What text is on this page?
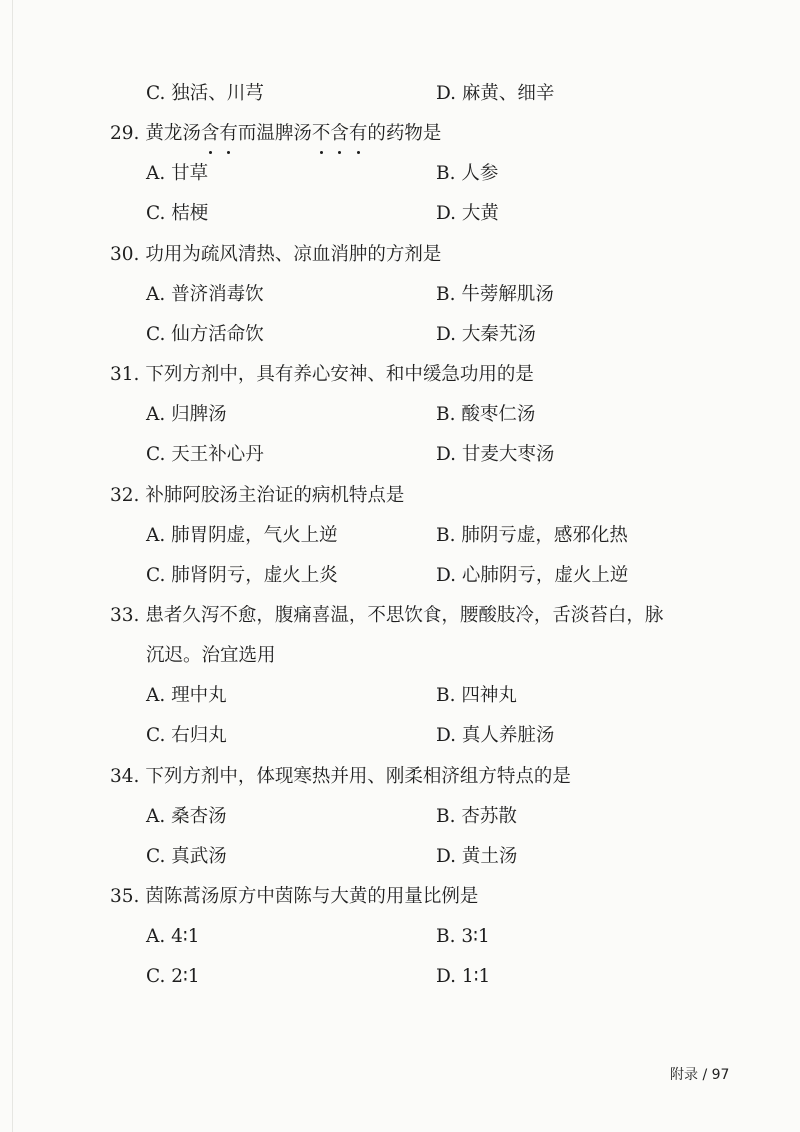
C. 独活、川芎	D. 麻黄、细辛
29. 黄龙汤含有而温脾汤不含有的药物是
A. 甘草	B. 人参
C. 桔梗	D. 大黄
30. 功用为疏风清热、凉血消肿的方剂是
A. 普济消毒饮	B. 牛蒡解肌汤
C. 仙方活命饮	D. 大秦艽汤
31. 下列方剂中，具有养心安神、和中缓急功用的是
A. 归脾汤	B. 酸枣仁汤
C. 天王补心丹	D. 甘麦大枣汤
32. 补肺阿胶汤主治证的病机特点是
A. 肺胃阴虚，气火上逆	B. 肺阴亏虚，感邪化热
C. 肺肾阴亏，虚火上炎	D. 心肺阴亏，虚火上逆
33. 患者久泻不愈，腹痛喜温，不思饮食，腰酸肢冷，舌淡苔白，脉
沉迟。治宜选用
A. 理中丸	B. 四神丸
C. 右归丸	D. 真人养脏汤
34. 下列方剂中，体现寒热并用、刚柔相济组方特点的是
A. 桑杏汤	B. 杏苏散
C. 真武汤	D. 黄土汤
35. 茵陈蒿汤原方中茵陈与大黄的用量比例是
A. 4∶1	B. 3∶1
C. 2∶1	D. 1∶1
附录 / 97
